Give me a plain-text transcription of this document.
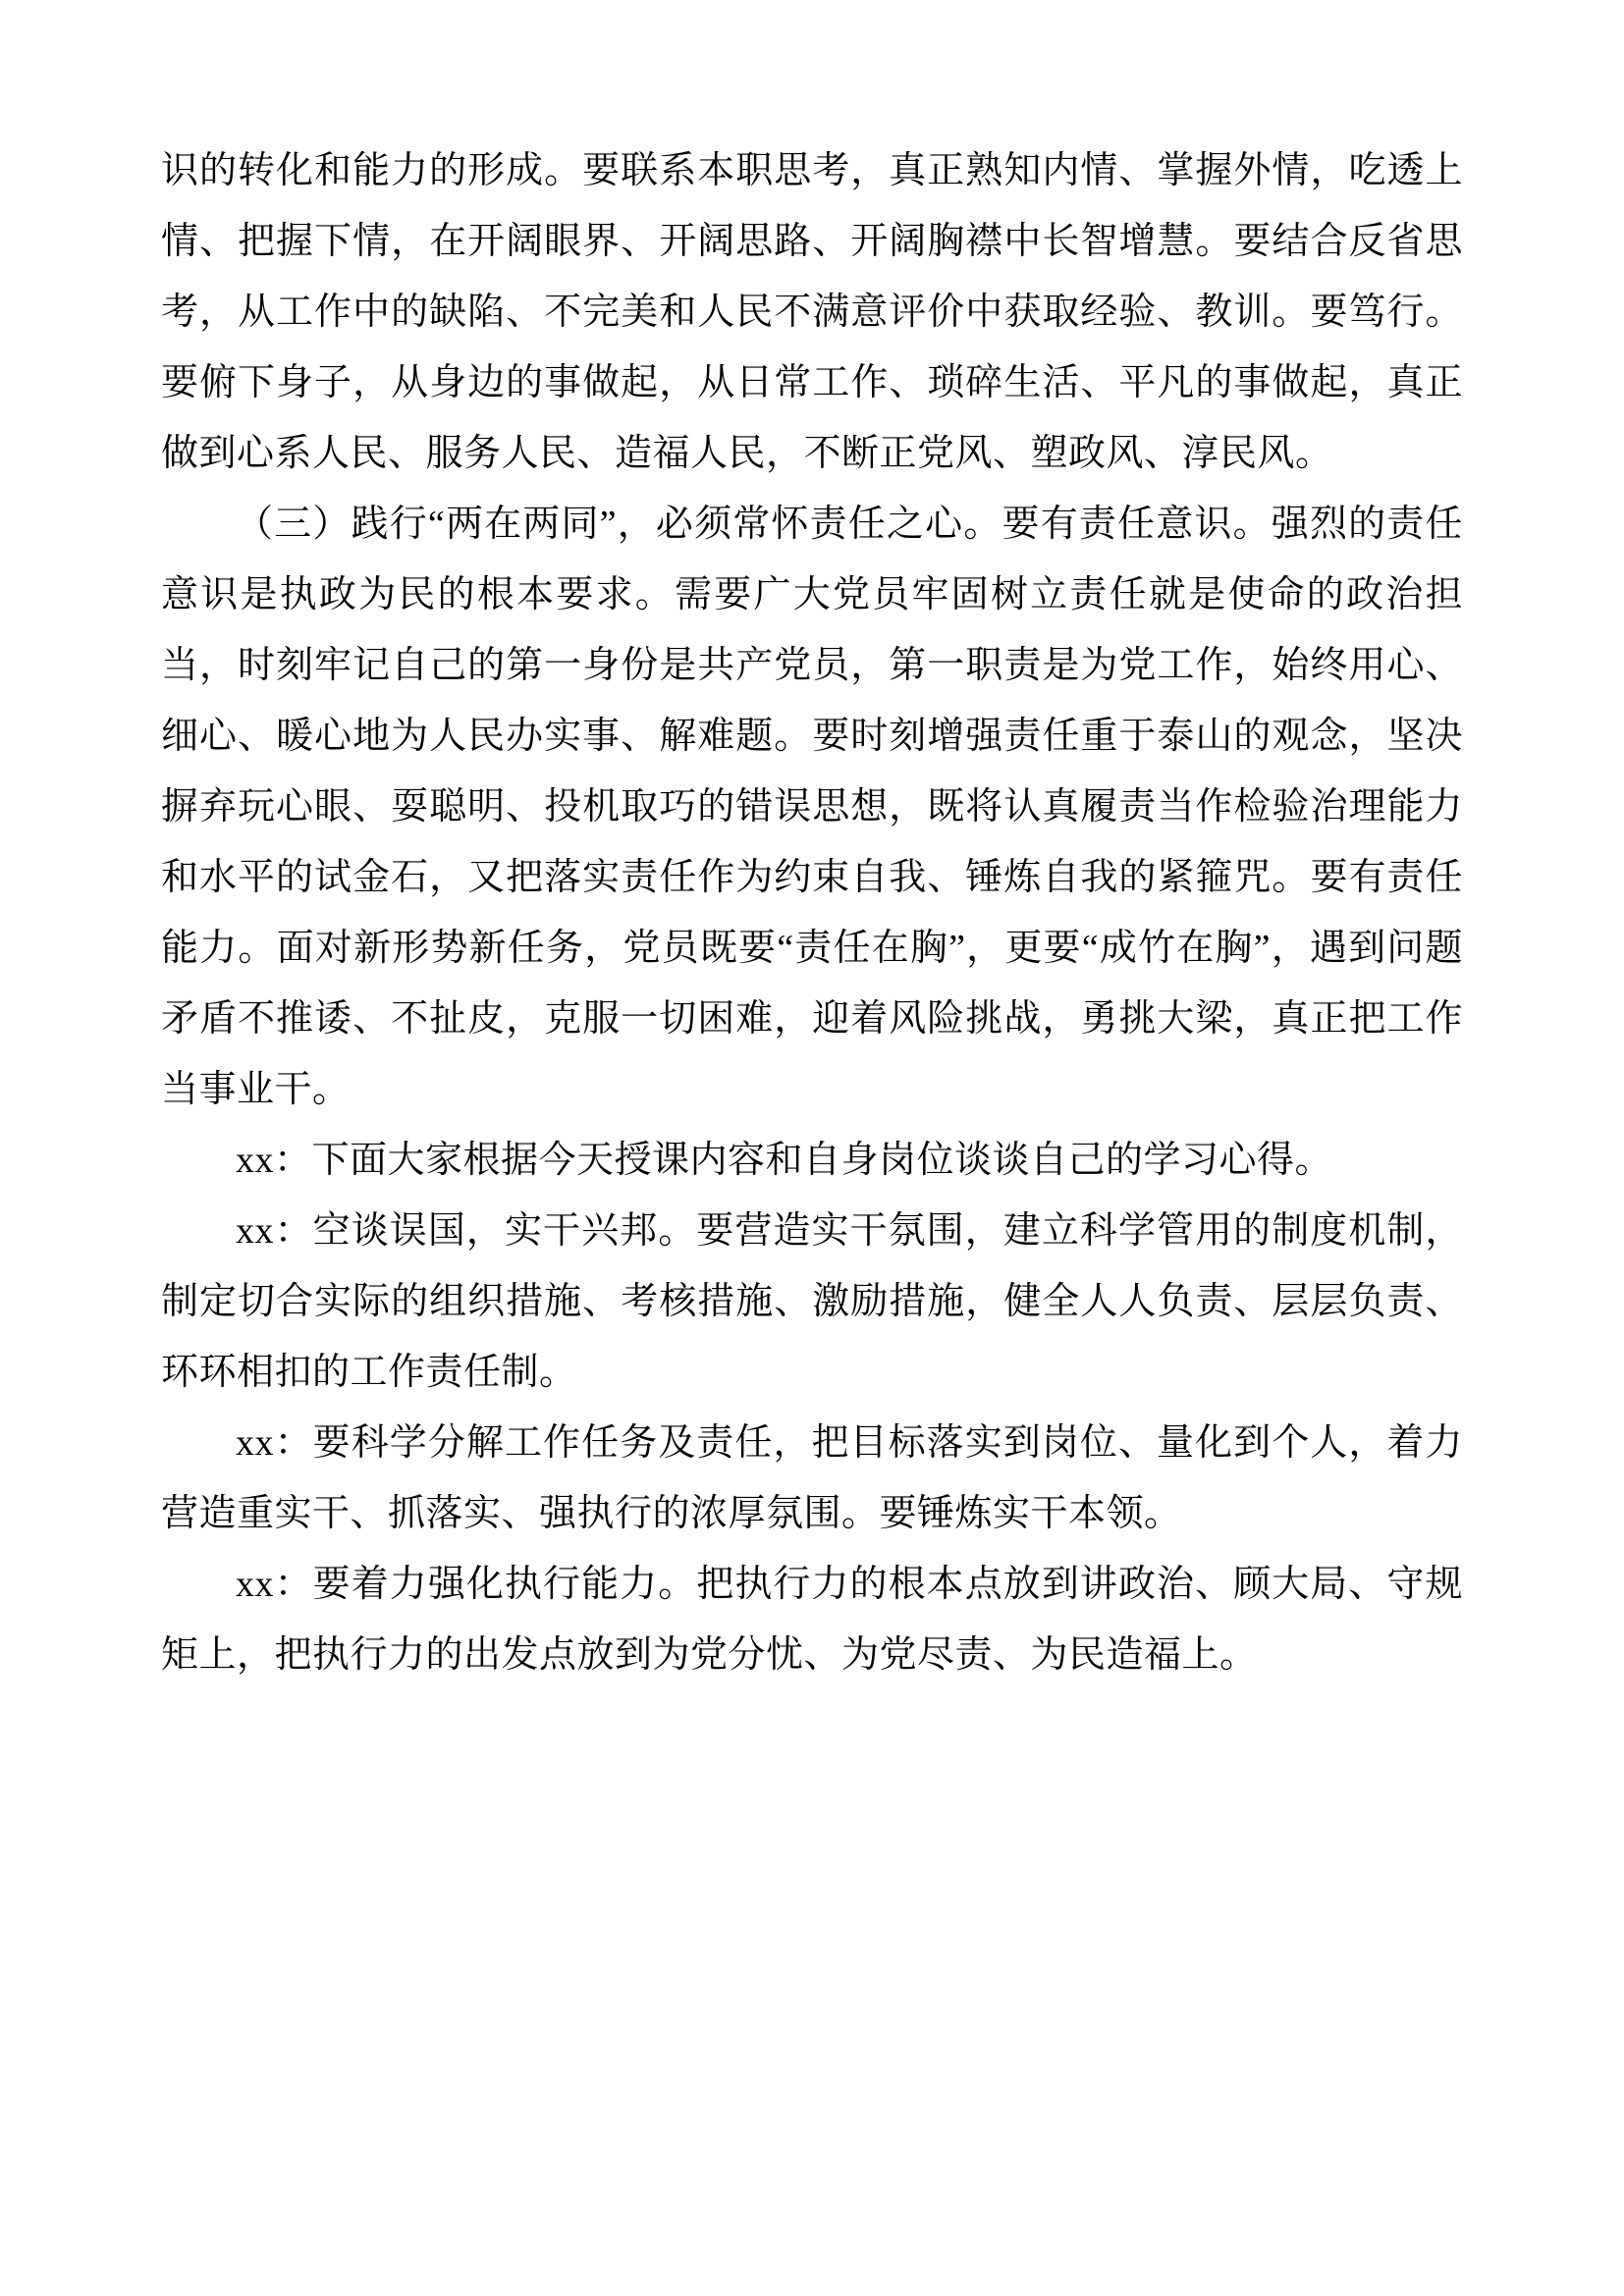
识的转化和能力的形成。要联系本职思考，真正熟知内情、掌握外情，吃透上情、把握下情，在开阔眼界、开阔思路、开阔胸襟中长智增慧。要结合反省思考，从工作中的缺陷、不完美和人民不满意评价中获取经验、教训。要笃行。要俯下身子，从身边的事做起，从日常工作、琐碎生活、平凡的事做起，真正做到心系人民、服务人民、造福人民，不断正党风、塑政风、淳民风。

（三）践行“两在两同”，必须常怀责任之心。要有责任意识。强烈的责任意识是执政为民的根本要求。需要广大党员牢固树立责任就是使命的政治担当，时刻牢记自己的第一身份是共产党员，第一职责是为党工作，始终用心、细心、暖心地为人民办实事、解难题。要时刻增强责任重于泰山的观念，坚决摒弃玩心眼、耍聪明、投机取巧的错误思想，既将认真履责当作检验治理能力和水平的试金石，又把落实责任作为约束自我、锤炼自我的紧箍咒。要有责任能力。面对新形势新任务，党员既要“责任在胸”，更要“成竹在胸”，遇到问题矛盾不推诿、不扯皮，克服一切困难，迎着风险挑战，勇挑大梁，真正把工作当事业干。

xx：下面大家根据今天授课内容和自身岗位谈谈自己的学习心得。

xx：空谈误国，实干兴邦。要营造实干氛围，建立科学管用的制度机制，制定切合实际的组织措施、考核措施、激励措施，健全人人负责、层层负责、环环相扣的工作责任制。

xx：要科学分解工作任务及责任，把目标落实到岗位、量化到个人，着力营造重实干、抓落实、强执行的浓厚氛围。要锤炼实干本领。

xx：要着力强化执行能力。把执行力的根本点放到讲政治、顾大局、守规矩上，把执行力的出发点放到为党分忧、为党尽责、为民造福上。
